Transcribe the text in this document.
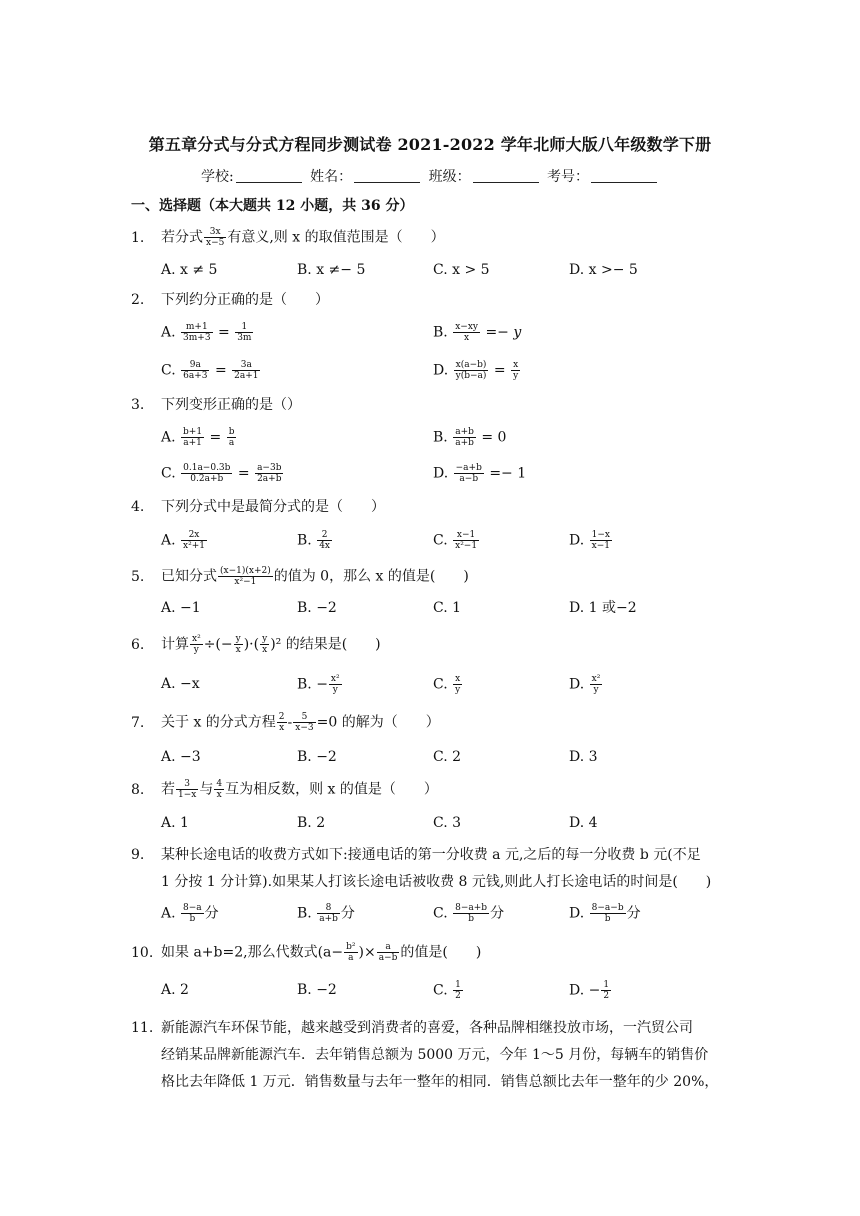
第五章分式与分式方程同步测试卷 2021-2022 学年北师大版八年级数学下册
学校:	姓名：	班级：	考号：
一、选择题（本大题共 12 小题，共 36 分）
1. 若分式 $\frac{3x}{x-5}$ 有意义,则 x 的取值范围是（　　）
A. x ≠ 5	B. x ≠− 5	C. x > 5	D. x >− 5
2. 下列约分正确的是（　　）
A. $\frac{m+1}{3m+3} = \frac{1}{3m}$	B. $\frac{x-xy}{x} =- y$
C. $\frac{9a}{6a+3} = \frac{3a}{2a+1}$	D. $\frac{x(a-b)}{y(b-a)} = \frac{x}{y}$
3. 下列变形正确的是（）
A. $\frac{b+1}{a+1} = \frac{b}{a}$	B. $\frac{a+b}{a+b} = 0$
C. $\frac{0.1a-0.3b}{0.2a+b} = \frac{a-3b}{2a+b}$	D. $\frac{-a+b}{a-b} =- 1$
4. 下列分式中是最简分式的是（　　）
A. $\frac{2x}{\text{x²+1}}$	B. $\frac{2}{4x}$	C. $\frac{x-1}{\text{x²−1}}$	D. $\frac{1-x}{x-1}$
5. 已知分式 $\frac{(x-1)(x+2)}{\text{x²−1}}$ 的值为 0，那么 x 的值是(　　)
A. −1	B. −2	C. 1	D. 1 或−2
6. 计算 $\frac{\text{x²}}{y}$ ÷(− $\frac{y}{x}$ )·( $\frac{y}{x} )^2$ 的结果是(　　)
A. −x	B. − $\frac{\text{x²}}{y}$	C. $\frac{x}{y}$	D. $\frac{\text{x²}}{y}$
7. 关于 x 的分式方程 $\frac{2}{x} - \frac{5}{x-3} =0$ 的解为（　　）
A. −3	B. −2	C. 2	D. 3
8. 若 $\frac{3}{1-x}$ 与 $\frac{4}{x}$ 互为相反数，则 x 的值是（　　）
A. 1	B. 2	C. 3	D. 4
9. 某种长途电话的收费方式如下:接通电话的第一分收费 a 元,之后的每一分收费 b 元(不足
1 分按 1 分计算).如果某人打该长途电话被收费 8 元钱,则此人打长途电话的时间是(　　)
A. $\frac{8-a}{b}$ 分	B. $\frac{8}{a+b}$ 分	C. $\frac{8-a+b}{b}$ 分	D. $\frac{8-a-b}{b}$ 分
10. 如果 a+b=2,那么代数式($a- \frac{\text{b²}}{a}$ )× $\frac{a}{a-b}$ 的值是(　　)
A. 2	B. −2	C. $\frac{1}{2}$	D. − $\frac{1}{2}$
11. 新能源汽车环保节能，越来越受到消费者的喜爱，各种品牌相继投放市场，一汽贸公司
经销某品牌新能源汽车．去年销售总额为 5000 万元，今年 1～5 月份，每辆车的销售价
格比去年降低 1 万元．销售数量与去年一整年的相同．销售总额比去年一整年的少 20%，
